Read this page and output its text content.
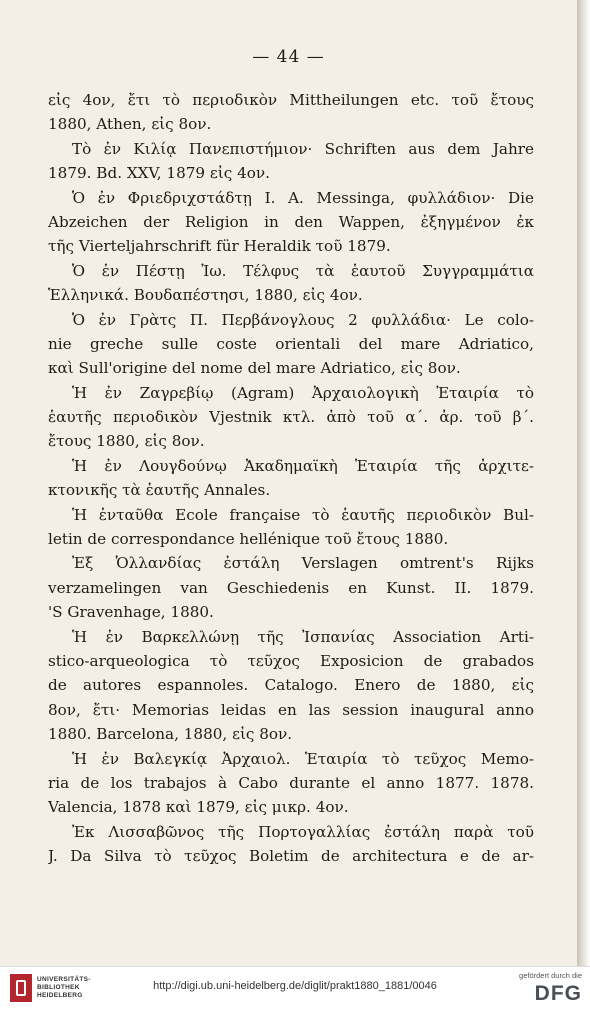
— 44 —
εἰς 4ον, ἔτι τὸ περιοδικὸν Mittheilungen etc. τοῦ ἔτους
1880, Athen, εἰς 8ον.
Τὸ ἐν Κιλίᾳ Πανεπιστήμιον· Schriften aus dem Jahre
1879. Bd. XXV, 1879 εἰς 4ον.
Ὁ ἐν Φριεδριχστάδτῃ I. A. Messinga, φυλλάδιον· Die
Abzeichen der Religion in den Wappen, ἐξηγμένον ἐκ
τῆς Vierteljahrschrift für Heraldik τοῦ 1879.
Ὁ ἐν Πέστῃ Ἰω. Τέλφυς τὰ ἑαυτοῦ Συγγραμμάτια
Ἑλληνικά. Βουδαπέστησι, 1880, εἰς 4ον.
Ὁ ἐν Γρὰτς Π. Περβάνογλους 2 φυλλάδια· Le colo-
nie greche sulle coste orientali del mare Adriatico,
καὶ Sull'origine del nome del mare Adriatico, εἰς 8ον.
Ἡ ἐν Ζαγρεβίῳ (Agram) Ἀρχαιολογικὴ Ἑταιρία τὸ
ἑαυτῆς περιοδικὸν Vjestnik κτλ. ἀπὸ τοῦ α΄. ἀρ. τοῦ β΄.
ἔτους 1880, εἰς 8ον.
Ἡ ἐν Λουγδούνῳ Ἀκαδημαϊκὴ Ἑταιρία τῆς ἀρχιτε-
κτονικῆς τὰ ἑαυτῆς Annales.
Ἡ ἐνταῦθα Ecole française τὸ ἑαυτῆς περιοδικὸν Bul-
letin de correspondance hellénique τοῦ ἔτους 1880.
Ἐξ Ὁλλανδίας ἐστάλη Verslagen omtrent's Rijks
verzamelingen van Geschiedenis en Kunst. II. 1879.
'S Gravenhage, 1880.
Ἡ ἐν Βαρκελλώνῃ τῆς Ἰσπανίας Association Arti-
stico-arqueologica τὸ τεῦχος Exposicion de grabados
de autores espannoles. Catalogo. Enero de 1880, εἰς
8ον, ἔτι· Memorias leidas en las session inaugural anno
1880. Barcelona, 1880, εἰς 8ον.
Ἡ ἐν Βαλεγκίᾳ Ἀρχαιολ. Ἑταιρία τὸ τεῦχος Memo-
ria de los trabajos à Cabo durante el anno 1877. 1878.
Valencia, 1878 καὶ 1879, εἰς μικρ. 4ον.
Ἐκ Λισσαβῶνος τῆς Πορτογαλλίας ἐστάλη παρὰ τοῦ
J. Da Silva τὸ τεῦχος Boletim de architectura e de ar-
UNIVERSITÄTS-
BIBLIOTHEK
HEIDELBERG
http://digi.ub.uni-heidelberg.de/diglit/prakt1880_1881/0046
gefördert durch die
DFG
